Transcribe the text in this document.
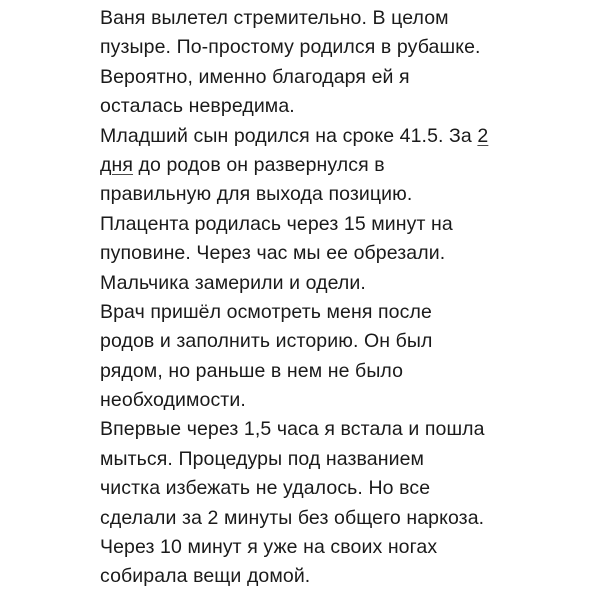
Ваня вылетел стремительно. В целом
пузыре. По-простому родился в рубашке.
Вероятно, именно благодаря ей я
осталась невредима.
Младший сын родился на сроке 41.5. За 2
дня до родов он развернулся в
правильную для выхода позицию.
Плацента родилась через 15 минут на
пуповине. Через час мы ее обрезали.
Мальчика замерили и одели.
Врач пришёл осмотреть меня после
родов и заполнить историю. Он был
рядом, но раньше в нем не было
необходимости.
Впервые через 1,5 часа я встала и пошла
мыться. Процедуры под названием
чистка избежать не удалось. Но все
сделали за 2 минуты без общего наркоза.
Через 10 минут я уже на своих ногах
собирала вещи домой.
